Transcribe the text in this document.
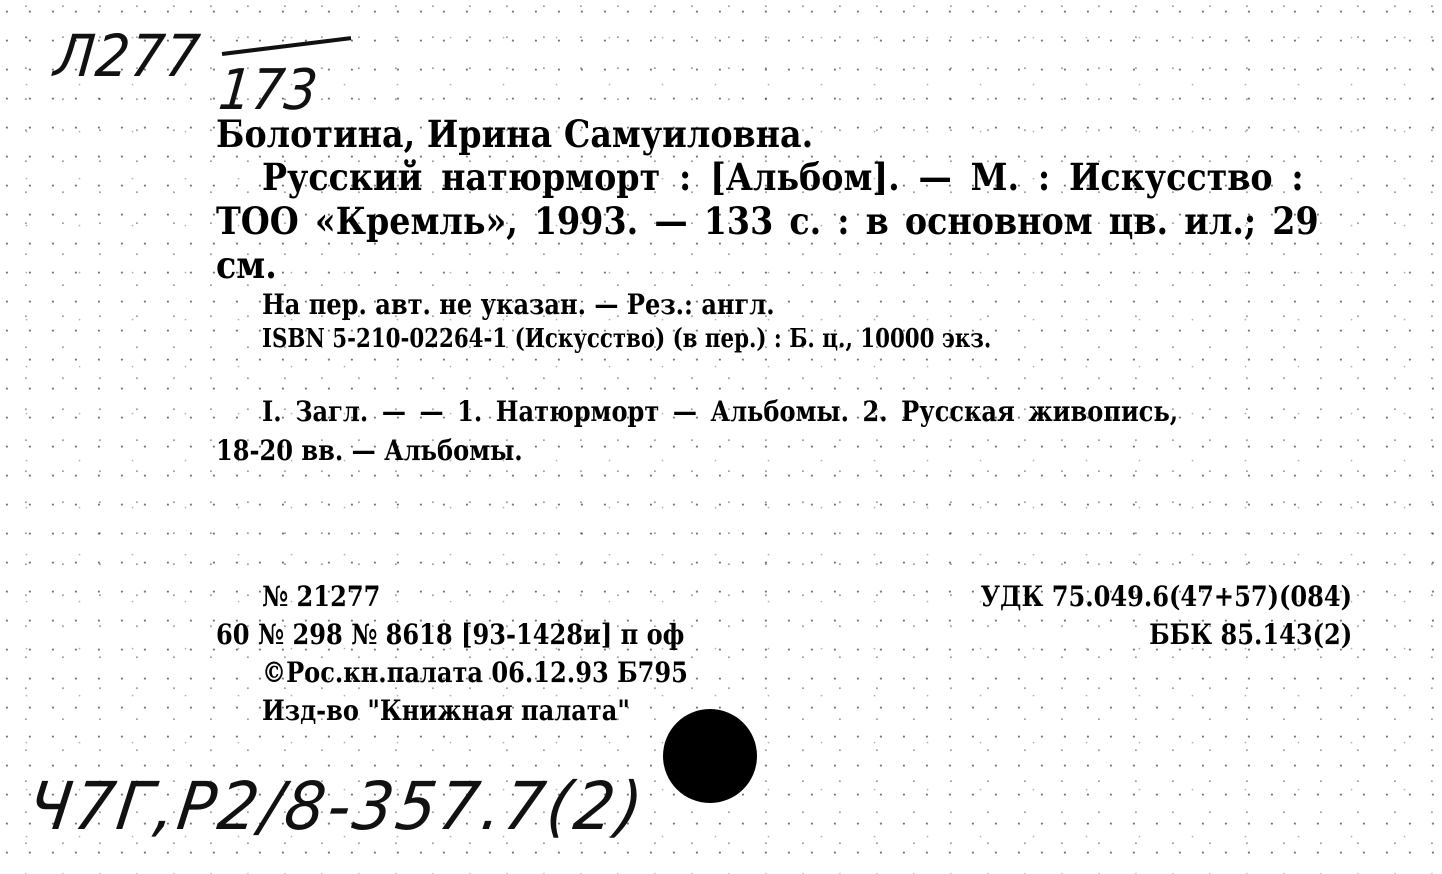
Л277
173

Болотина, Ирина Самуиловна.

Русский натюрморт : [Альбом]. — М. : Искусство :

ТОО «Кремль», 1993. — 133 с. : в основном цв. ил.; 29

см.

На пер. авт. не указан. — Рез.: англ.

ISBN 5-210-02264-1 (Искусство) (в пер.) : Б. ц., 10000 экз.

I. Загл. — — 1. Натюрморт — Альбомы. 2. Русская живопись,

18-20 вв. — Альбомы.

№ 21277

60 № 298 № 8618 [93-1428и] п оф

©Рос.кн.палата 06.12.93 Б795

Изд-во "Книжная палата"

УДК 75.049.6(47+57)(084)
ББК 85.143(2)
Ч7Г,Р2/8-357.7(2)
